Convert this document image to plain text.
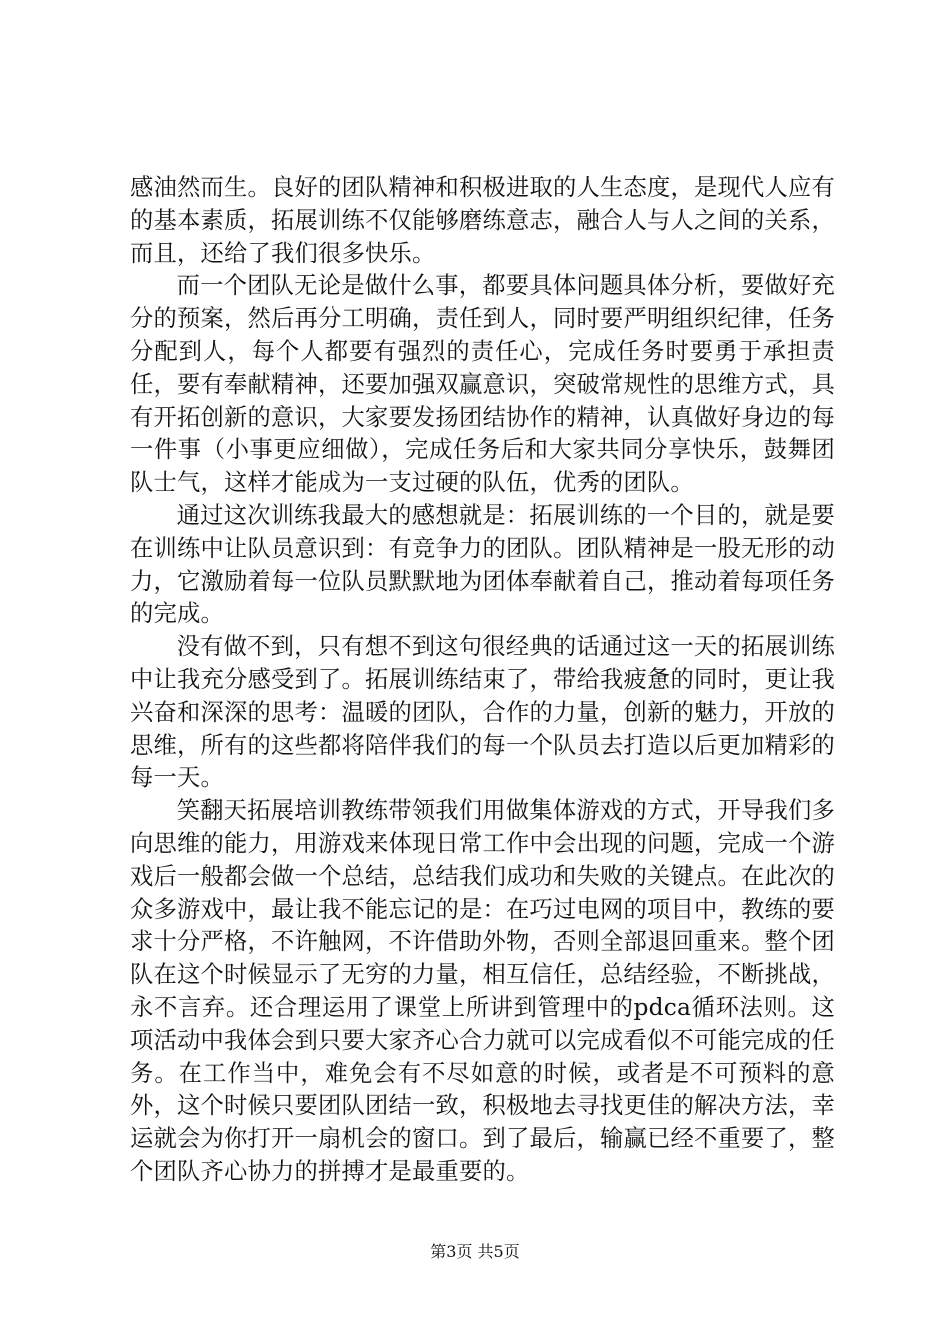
感油然而生。良好的团队精神和积极进取的人生态度，是现代人应有的基本素质，拓展训练不仅能够磨练意志，融合人与人之间的关系，而且，还给了我们很多快乐。

而一个团队无论是做什么事，都要具体问题具体分析，要做好充分的预案，然后再分工明确，责任到人，同时要严明组织纪律，任务分配到人，每个人都要有强烈的责任心，完成任务时要勇于承担责任，要有奉献精神，还要加强双赢意识，突破常规性的思维方式，具有开拓创新的意识，大家要发扬团结协作的精神，认真做好身边的每一件事（小事更应细做），完成任务后和大家共同分享快乐，鼓舞团队士气，这样才能成为一支过硬的队伍，优秀的团队。

通过这次训练我最大的感想就是：拓展训练的一个目的，就是要在训练中让队员意识到：有竞争力的团队。团队精神是一股无形的动力，它激励着每一位队员默默地为团体奉献着自己，推动着每项任务的完成。

没有做不到，只有想不到这句很经典的话通过这一天的拓展训练中让我充分感受到了。拓展训练结束了，带给我疲惫的同时，更让我兴奋和深深的思考：温暖的团队，合作的力量，创新的魅力，开放的思维，所有的这些都将陪伴我们的每一个队员去打造以后更加精彩的每一天。

笑翻天拓展培训教练带领我们用做集体游戏的方式，开导我们多向思维的能力，用游戏来体现日常工作中会出现的问题，完成一个游戏后一般都会做一个总结，总结我们成功和失败的关键点。在此次的众多游戏中，最让我不能忘记的是：在巧过电网的项目中，教练的要求十分严格，不许触网，不许借助外物，否则全部退回重来。整个团队在这个时候显示了无穷的力量，相互信任，总结经验，不断挑战，永不言弃。还合理运用了课堂上所讲到管理中的pdca循环法则。这项活动中我体会到只要大家齐心合力就可以完成看似不可能完成的任务。在工作当中，难免会有不尽如意的时候，或者是不可预料的意外，这个时候只要团队团结一致，积极地去寻找更佳的解决方法，幸运就会为你打开一扇机会的窗口。到了最后，输赢已经不重要了，整个团队齐心协力的拼搏才是最重要的。

第3页 共5页
